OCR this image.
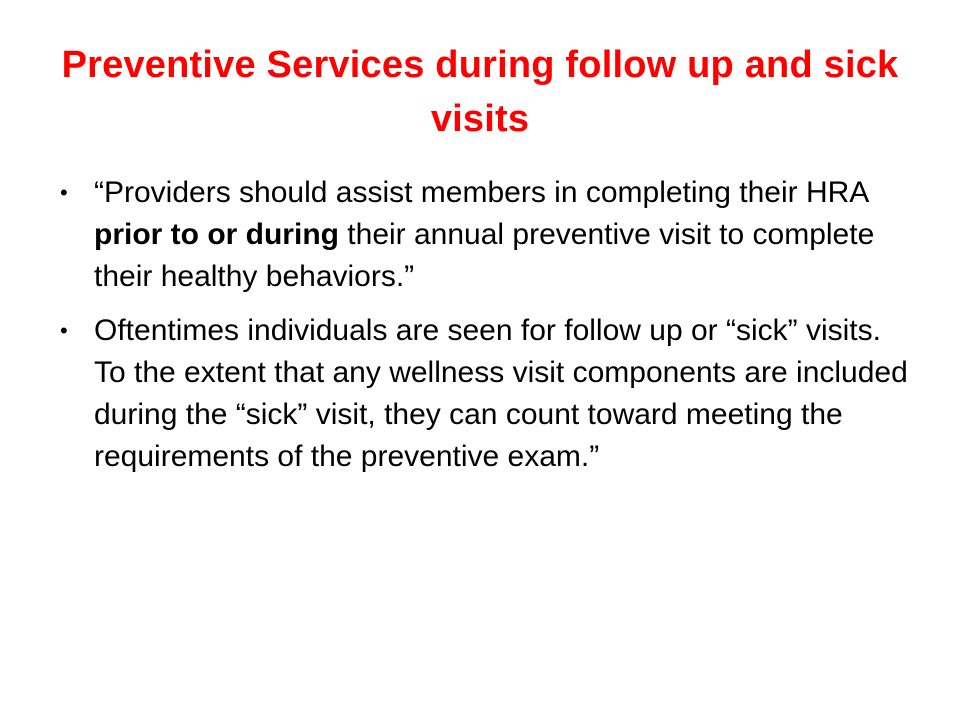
Preventive Services during follow up and sick visits
• “Providers should assist members in completing their HRA prior to or during their annual preventive visit to complete their healthy behaviors.”
• Oftentimes individuals are seen for follow up or “sick” visits. To the extent that any wellness visit components are included during the “sick” visit, they can count toward meeting the requirements of the preventive exam.”
